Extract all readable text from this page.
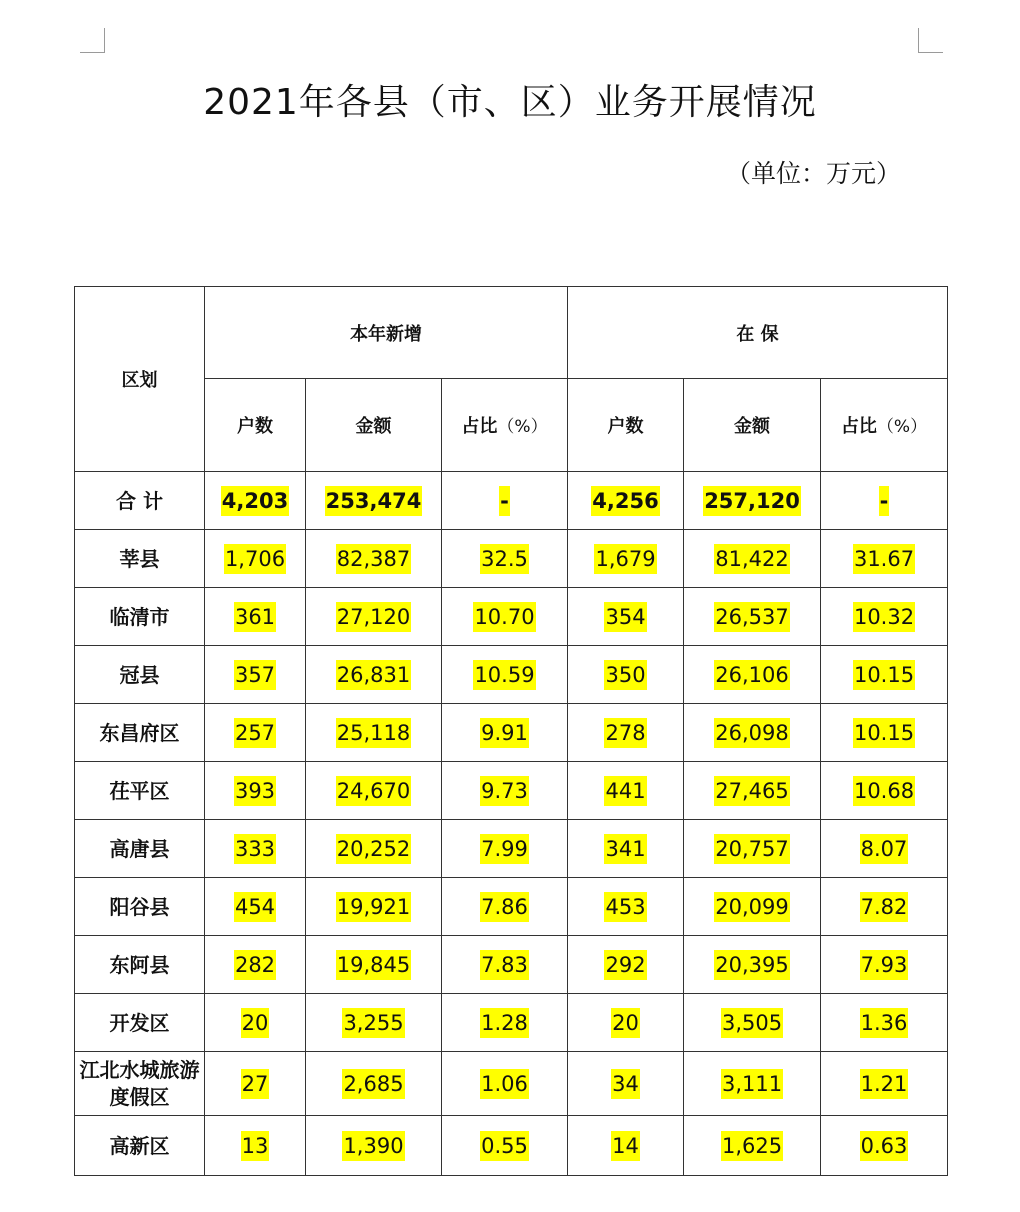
2021年各县（市、区）业务开展情况
（单位：万元）
区划	本年新增			在 保		
	户数	金额	占比（%）	户数	金额	占比（%）
合 计	4,203	253,474	-	4,256	257,120	-
莘县	1,706	82,387	32.5	1,679	81,422	31.67
临清市	361	27,120	10.70	354	26,537	10.32
冠县	357	26,831	10.59	350	26,106	10.15
东昌府区	257	25,118	9.91	278	26,098	10.15
茌平区	393	24,670	9.73	441	27,465	10.68
高唐县	333	20,252	7.99	341	20,757	8.07
阳谷县	454	19,921	7.86	453	20,099	7.82
东阿县	282	19,845	7.83	292	20,395	7.93
开发区	20	3,255	1.28	20	3,505	1.36
江北水城旅游度假区	27	2,685	1.06	34	3,111	1.21
高新区	13	1,390	0.55	14	1,625	0.63
